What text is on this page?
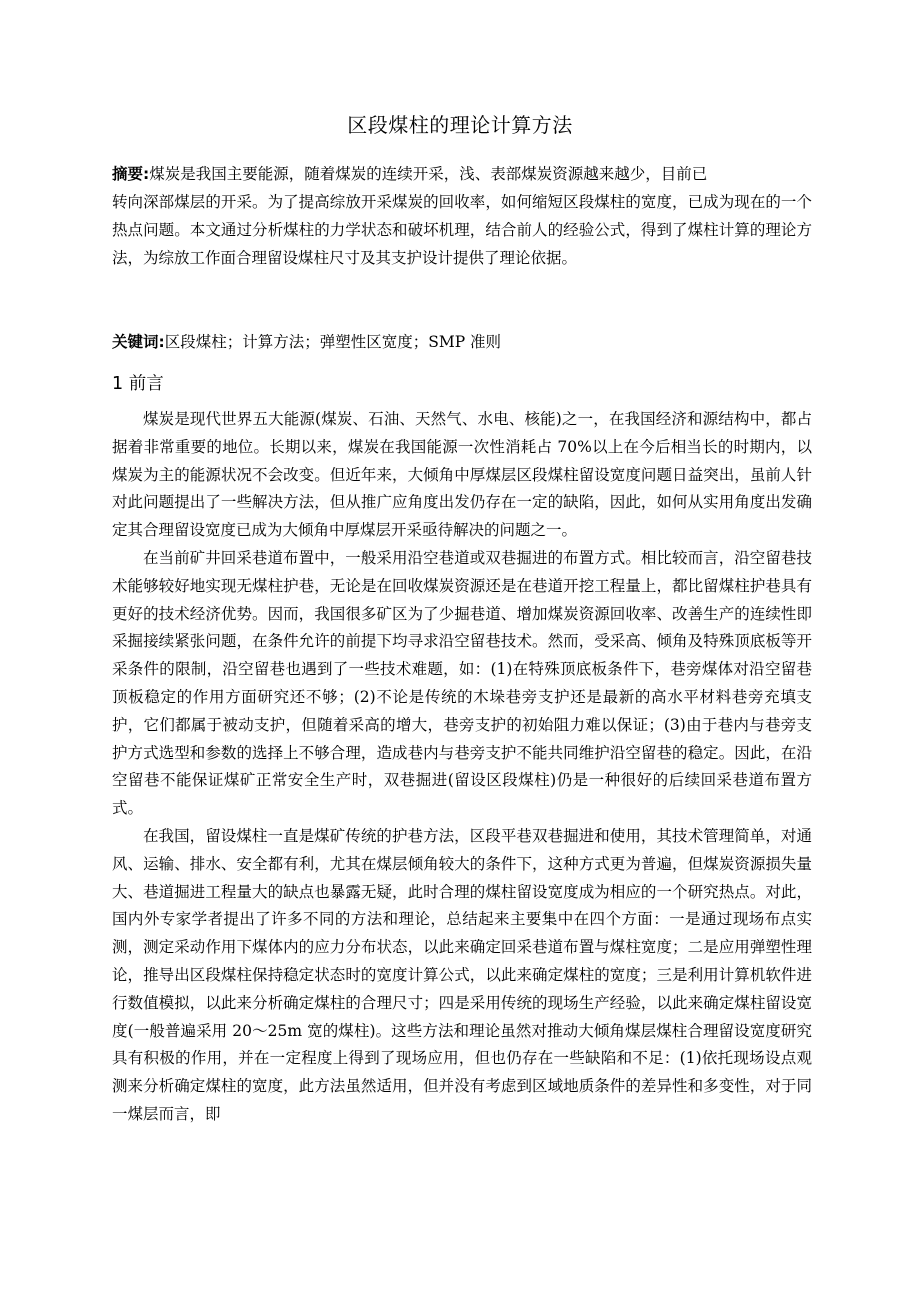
区段煤柱的理论计算方法

摘要:煤炭是我国主要能源，随着煤炭的连续开采，浅、表部煤炭资源越来越少，目前已

转向深部煤层的开采。为了提高综放开采煤炭的回收率，如何缩短区段煤柱的宽度，已成为现在的一个热点问题。本文通过分析煤柱的力学状态和破坏机理，结合前人的经验公式，得到了煤柱计算的理论方法，为综放工作面合理留设煤柱尺寸及其支护设计提供了理论依据。

关键词:区段煤柱；计算方法；弹塑性区宽度；SMP 准则
1 前言

煤炭是现代世界五大能源(煤炭、石油、天然气、水电、核能)之一，在我国经济和源结构中，都占据着非常重要的地位。长期以来，煤炭在我国能源一次性消耗占 70%以上在今后相当长的时期内，以煤炭为主的能源状况不会改变。但近年来，大倾角中厚煤层区段煤柱留设宽度问题日益突出，虽前人针对此问题提出了一些解决方法，但从推广应角度出发仍存在一定的缺陷，因此，如何从实用角度出发确定其合理留设宽度已成为大倾角中厚煤层开采亟待解决的问题之一。

在当前矿井回采巷道布置中，一般采用沿空巷道或双巷掘进的布置方式。相比较而言，沿空留巷技术能够较好地实现无煤柱护巷，无论是在回收煤炭资源还是在巷道开挖工程量上，都比留煤柱护巷具有更好的技术经济优势。因而，我国很多矿区为了少掘巷道、增加煤炭资源回收率、改善生产的连续性即采掘接续紧张问题，在条件允许的前提下均寻求沿空留巷技术。然而，受采高、倾角及特殊顶底板等开采条件的限制，沿空留巷也遇到了一些技术难题，如：(1)在特殊顶底板条件下，巷旁煤体对沿空留巷顶板稳定的作用方面研究还不够；(2)不论是传统的木垛巷旁支护还是最新的高水平材料巷旁充填支护，它们都属于被动支护，但随着采高的增大，巷旁支护的初始阻力难以保证；(3)由于巷内与巷旁支护方式选型和参数的选择上不够合理，造成巷内与巷旁支护不能共同维护沿空留巷的稳定。因此，在沿空留巷不能保证煤矿正常安全生产时，双巷掘进(留设区段煤柱)仍是一种很好的后续回采巷道布置方式。

在我国，留设煤柱一直是煤矿传统的护巷方法，区段平巷双巷掘进和使用，其技术管理简单，对通风、运输、排水、安全都有利，尤其在煤层倾角较大的条件下，这种方式更为普遍，但煤炭资源损失量大、巷道掘进工程量大的缺点也暴露无疑，此时合理的煤柱留设宽度成为相应的一个研究热点。对此，国内外专家学者提出了许多不同的方法和理论，总结起来主要集中在四个方面：一是通过现场布点实测，测定采动作用下煤体内的应力分布状态，以此来确定回采巷道布置与煤柱宽度；二是应用弹塑性理论，推导出区段煤柱保持稳定状态时的宽度计算公式，以此来确定煤柱的宽度；三是利用计算机软件进行数值模拟，以此来分析确定煤柱的合理尺寸；四是采用传统的现场生产经验，以此来确定煤柱留设宽度(一般普遍采用 20～25m 宽的煤柱)。这些方法和理论虽然对推动大倾角煤层煤柱合理留设宽度研究具有积极的作用，并在一定程度上得到了现场应用，但也仍存在一些缺陷和不足：(1)依托现场设点观测来分析确定煤柱的宽度，此方法虽然适用，但并没有考虑到区域地质条件的差异性和多变性，对于同一煤层而言，即
